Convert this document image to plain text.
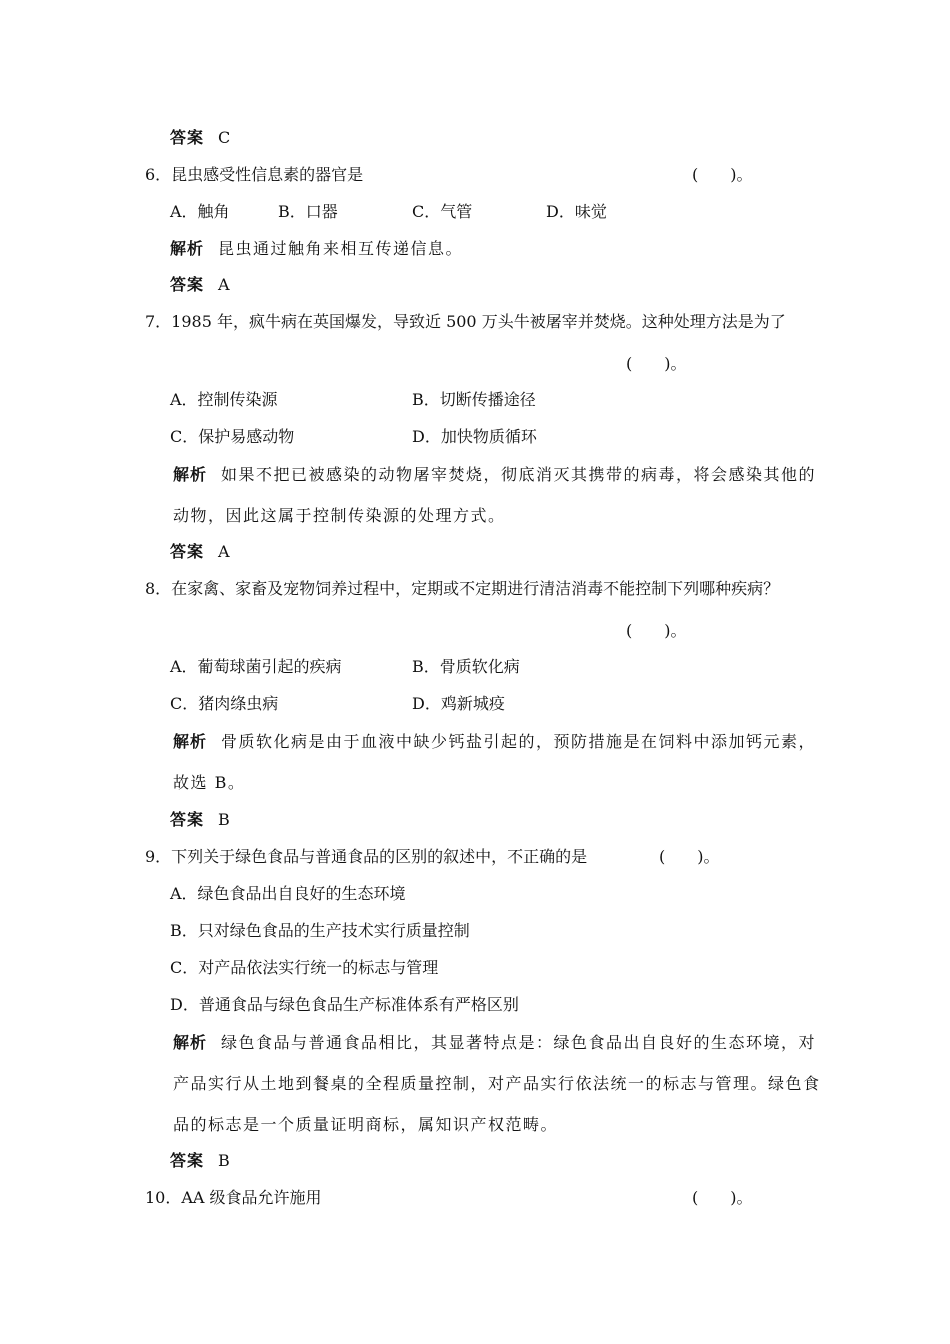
答案 C
6．昆虫感受性信息素的器官是	(　　)。
A．触角	B．口器	C．气管	D．味觉
解析 昆虫通过触角来相互传递信息。
答案 A
7．1985 年，疯牛病在英国爆发，导致近 500 万头牛被屠宰并焚烧。这种处理方法是为了
(　　)。
A．控制传染源	B．切断传播途径
C．保护易感动物	D．加快物质循环
解析 如果不把已被感染的动物屠宰焚烧，彻底消灭其携带的病毒，将会感染其他的
动物，因此这属于控制传染源的处理方式。
答案 A
8．在家禽、家畜及宠物饲养过程中，定期或不定期进行清洁消毒不能控制下列哪种疾病？
(　　)。
A．葡萄球菌引起的疾病	B．骨质软化病
C．猪肉绦虫病	D．鸡新城疫
解析 骨质软化病是由于血液中缺少钙盐引起的，预防措施是在饲料中添加钙元素，
故选 B。
答案 B
9．下列关于绿色食品与普通食品的区别的叙述中，不正确的是	(　　)。
A．绿色食品出自良好的生态环境
B．只对绿色食品的生产技术实行质量控制
C．对产品依法实行统一的标志与管理
D．普通食品与绿色食品生产标准体系有严格区别
解析 绿色食品与普通食品相比，其显著特点是：绿色食品出自良好的生态环境，对
产品实行从土地到餐桌的全程质量控制，对产品实行依法统一的标志与管理。绿色食
品的标志是一个质量证明商标，属知识产权范畴。
答案 B
10．AA 级食品允许施用	(　　)。
